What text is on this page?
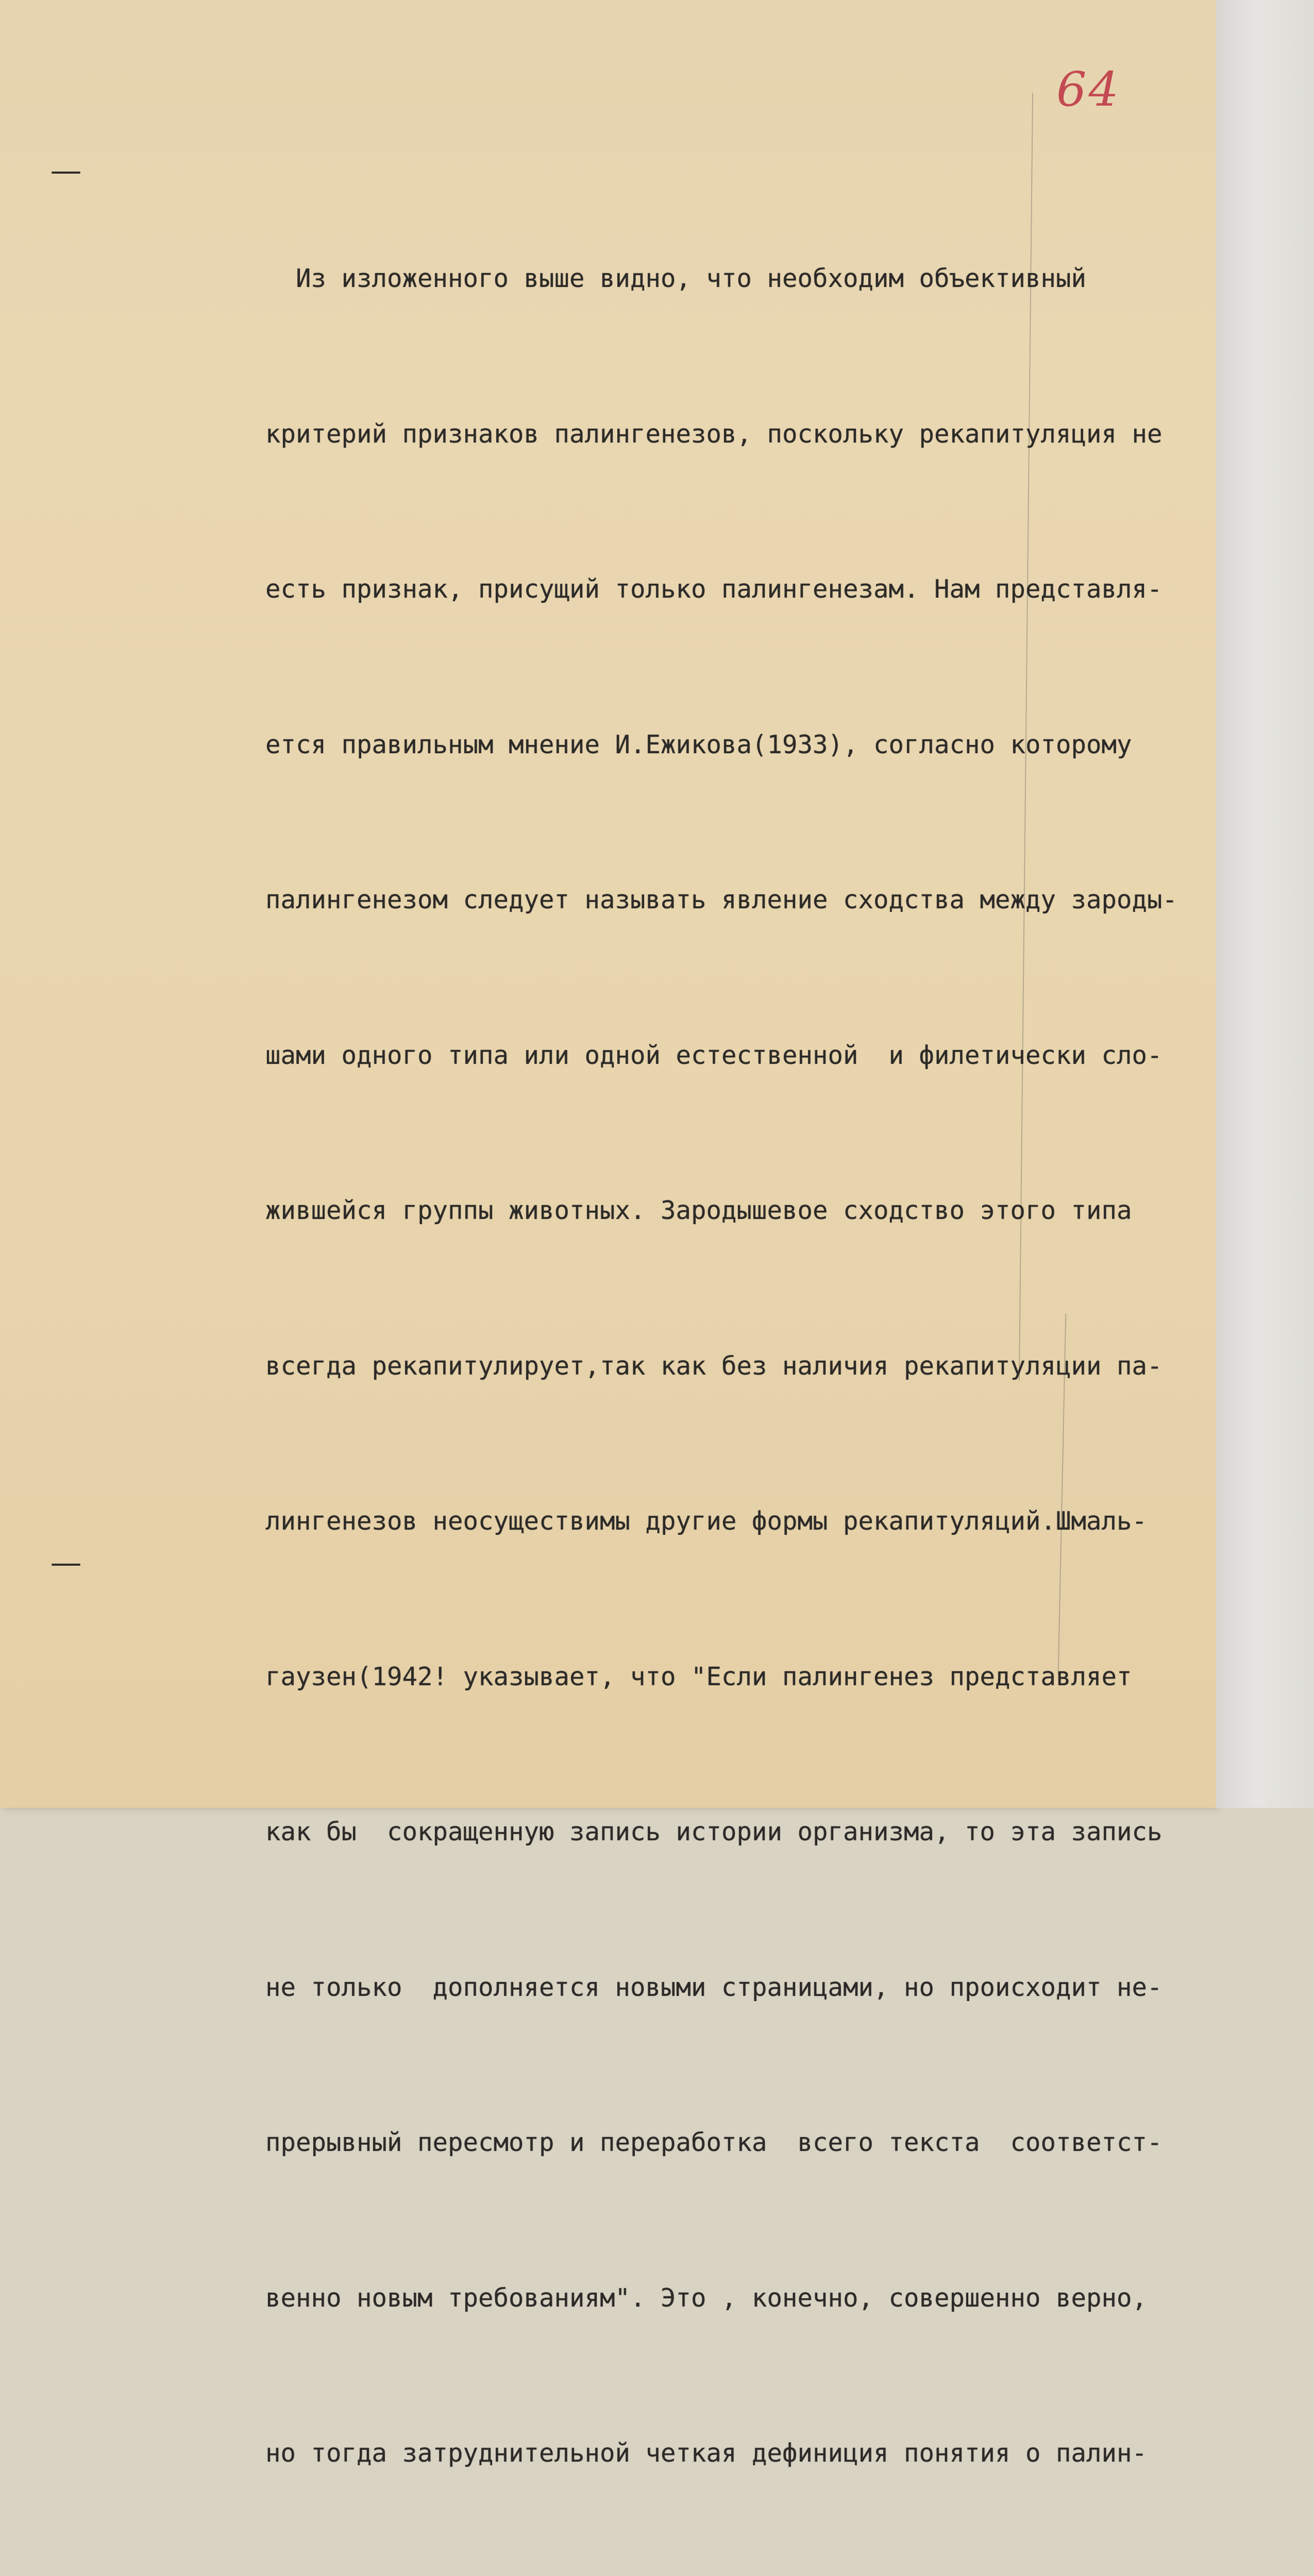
64

Из изложенного выше видно, что необходим объективный

критерий признаков палингенезов, поскольку рекапитуляция не

есть признак, присущий только палингенезам. Нам представля-

ется правильным мнение И.Ежикова(1933), согласно которому

палингенезом следует называть явление сходства между зароды-

шами одного типа или одной естественной  и филетически сло-

жившейся группы животных. Зародышевое сходство этого типа

всегда рекапитулирует,так как без наличия рекапитуляции па-

лингенезов неосуществимы другие формы рекапитуляций.Шмаль-

гаузен(1942! указывает, что "Если палингенез представляет

как бы  сокращенную запись истории организма, то эта запись

не только  дополняется новыми страницами, но происходит не-

прерывный пересмотр и переработка  всего текста  соответст-

венно новым требованиям". Это , конечно, совершенно верно,

но тогда затруднительной четкая дефиниция понятия о палин-
